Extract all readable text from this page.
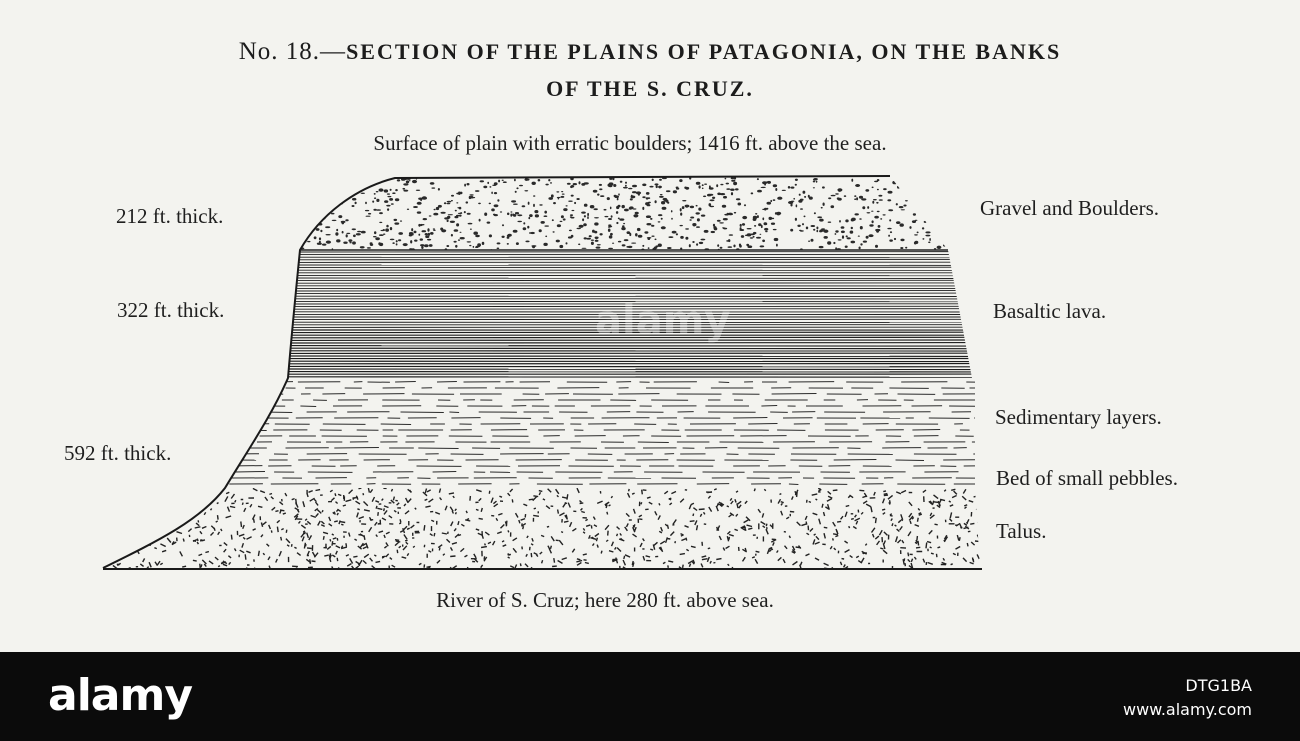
No. 18.—SECTION OF THE PLAINS OF PATAGONIA, ON THE BANKS
OF THE S. CRUZ.
Surface of plain with erratic boulders; 1416 ft. above the sea.
alamy
212 ft. thick.
322 ft. thick.
592 ft. thick.
Gravel and Boulders.
Basaltic lava.
Sedimentary layers.
Bed of small pebbles.
Talus.
River of S. Cruz; here 280 ft. above sea.
alamy	DTG1BA
www.alamy.com
